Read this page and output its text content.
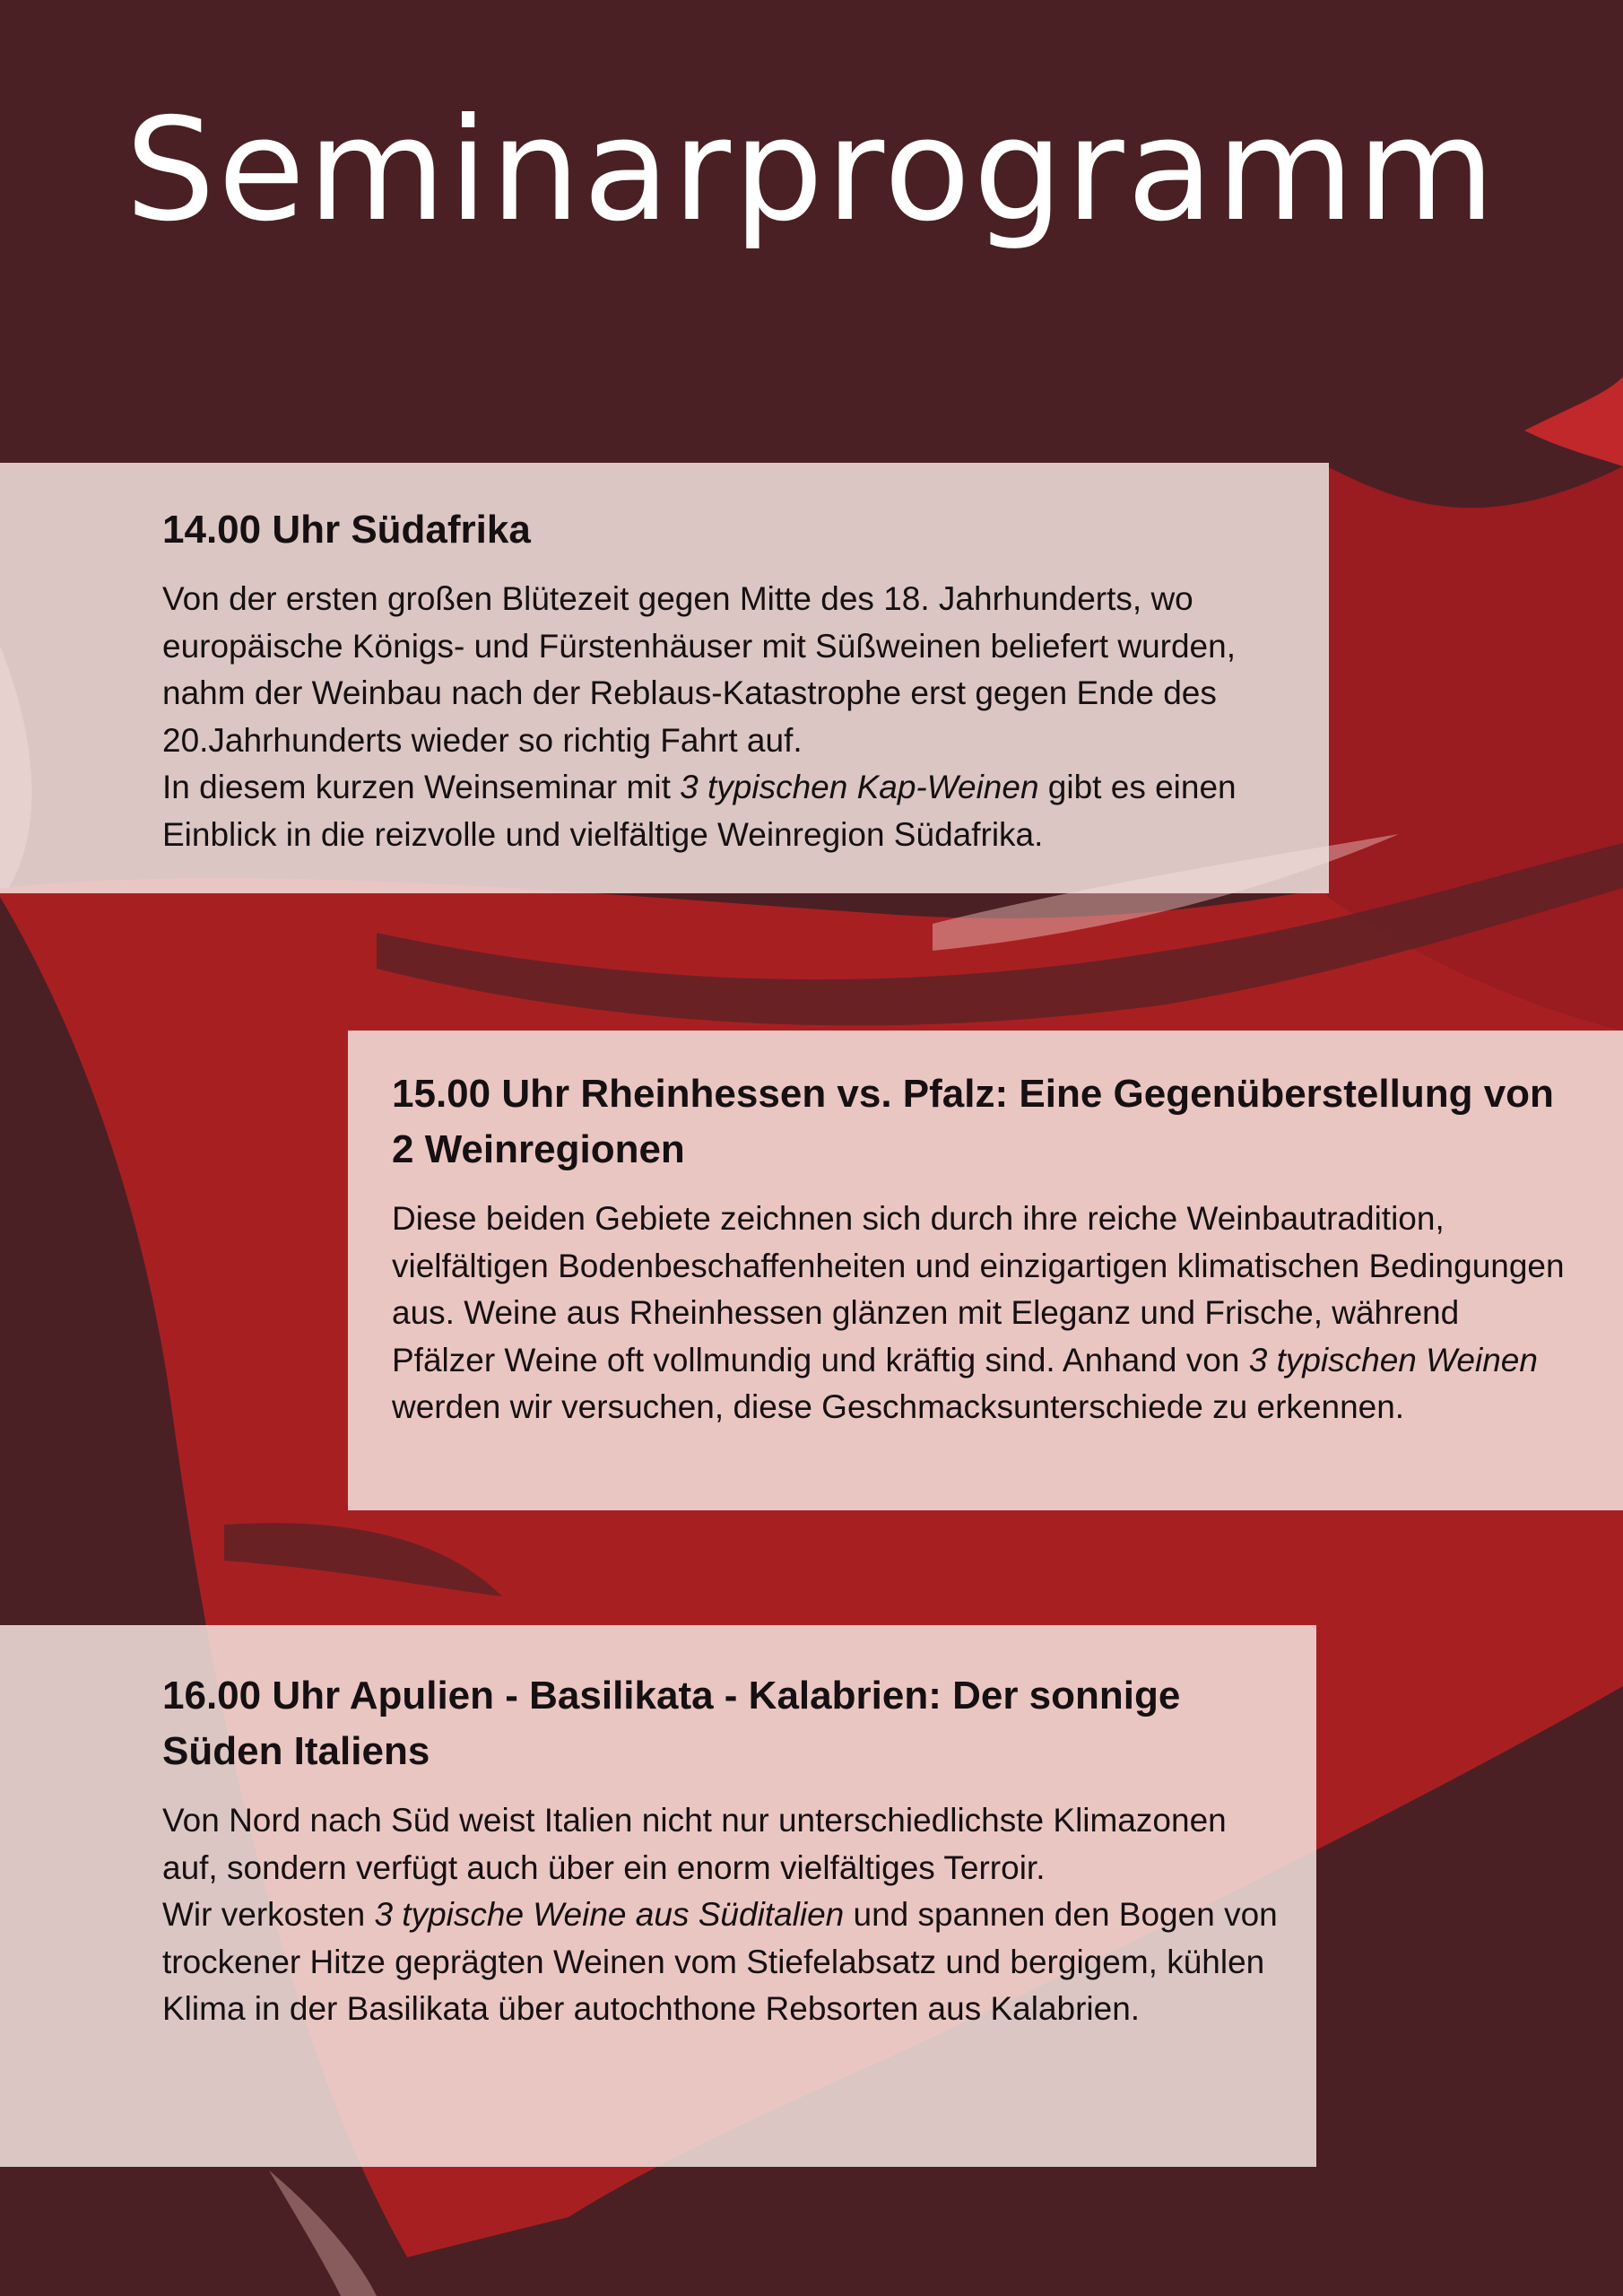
Seminarprogramm
14.00 Uhr Südafrika

Von der ersten großen Blütezeit gegen Mitte des 18. Jahrhunderts, wo europäische Königs- und Fürstenhäuser mit Süßweinen beliefert wurden, nahm der Weinbau nach der Reblaus-Katastrophe erst gegen Ende des 20.Jahrhunderts wieder so richtig Fahrt auf.
In diesem kurzen Weinseminar mit 3 typischen Kap-Weinen gibt es einen Einblick in die reizvolle und vielfältige Weinregion Südafrika.

15.00 Uhr Rheinhessen vs. Pfalz: Eine Gegenüberstellung von 2 Weinregionen

Diese beiden Gebiete zeichnen sich durch ihre reiche Weinbautradition, vielfältigen Bodenbeschaffenheiten und einzigartigen klimatischen Bedingungen aus. Weine aus Rheinhessen glänzen mit Eleganz und Frische, während Pfälzer Weine oft vollmundig und kräftig sind. Anhand von 3 typischen Weinen werden wir versuchen, diese Geschmacksunterschiede zu erkennen.

16.00 Uhr Apulien - Basilikata - Kalabrien: Der sonnige Süden Italiens

Von Nord nach Süd weist Italien nicht nur unterschiedlichste Klimazonen auf, sondern verfügt auch über ein enorm vielfältiges Terroir.
Wir verkosten 3 typische Weine aus Süditalien und spannen den Bogen von trockener Hitze geprägten Weinen vom Stiefelabsatz und bergigem, kühlen Klima in der Basilikata über autochthone Rebsorten aus Kalabrien.
